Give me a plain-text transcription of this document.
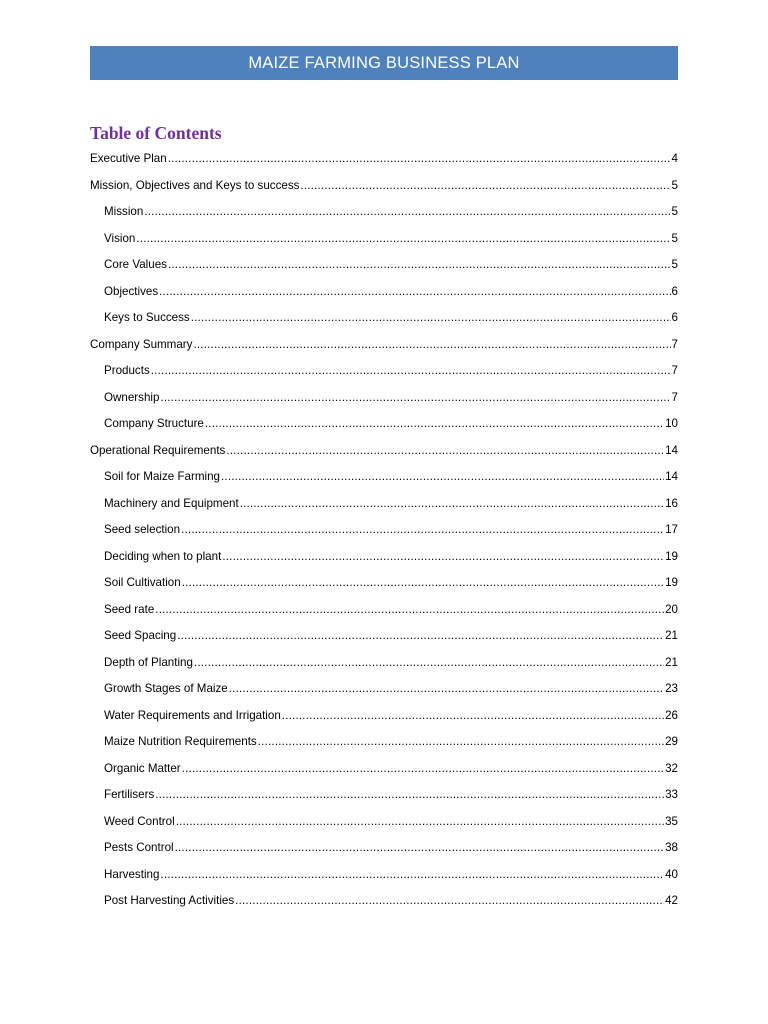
MAIZE FARMING BUSINESS PLAN
Table of Contents
Executive Plan .....	4
Mission, Objectives and Keys to success .....	5
Mission .....	5
Vision .....	5
Core Values .....	5
Objectives .....	6
Keys to Success .....	6
Company Summary .....	7
Products .....	7
Ownership .....	7
Company Structure .....	10
Operational Requirements .....	14
Soil for Maize Farming .....	14
Machinery and Equipment .....	16
Seed selection .....	17
Deciding when to plant .....	19
Soil Cultivation .....	19
Seed rate .....	20
Seed Spacing .....	21
Depth of Planting .....	21
Growth Stages of Maize .....	23
Water Requirements and Irrigation .....	26
Maize Nutrition Requirements .....	29
Organic Matter .....	32
Fertilisers .....	33
Weed Control .....	35
Pests Control .....	38
Harvesting .....	40
Post Harvesting Activities .....	42
